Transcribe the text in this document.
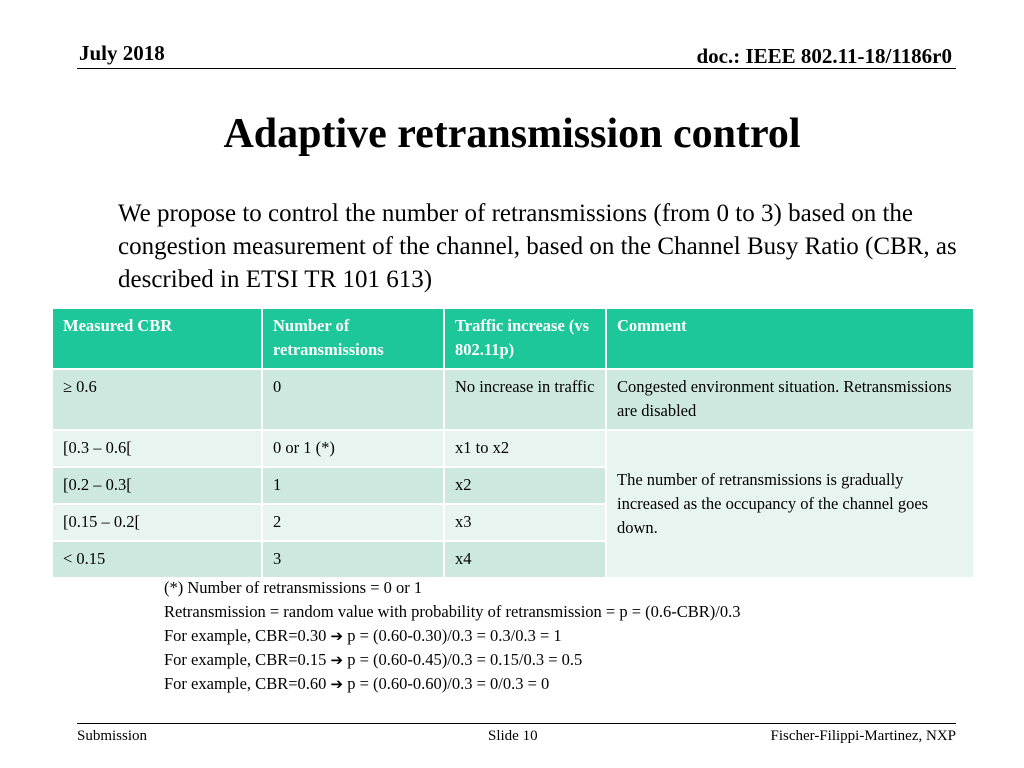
July 2018	doc.: IEEE 802.11-18/1186r0
Adaptive retransmission control
We propose to control the number of retransmissions (from 0 to 3) based on the congestion measurement of the channel, based on the Channel Busy Ratio (CBR, as described in ETSI TR 101 613)
Measured CBR	Number of retransmissions	Traffic increase (vs 802.11p)	Comment
≥ 0.6	0	No increase in traffic	Congested environment situation. Retransmissions are disabled
[0.3 – 0.6[	0 or 1 (*)	x1 to x2	The number of retransmissions is gradually increased as the occupancy of the channel goes down.
[0.2 – 0.3[	1	x2	
[0.15 – 0.2[	2	x3	
< 0.15	3	x4	
(*) Number of retransmissions = 0 or 1
Retransmission = random value with probability of retransmission = p = (0.6-CBR)/0.3
For example, CBR=0.30 ➔ p = (0.60-0.30)/0.3 = 0.3/0.3 = 1
For example, CBR=0.15 ➔ p = (0.60-0.45)/0.3 = 0.15/0.3 = 0.5
For example, CBR=0.60 ➔ p = (0.60-0.60)/0.3 = 0/0.3 = 0
Submission	Slide 10	Fischer-Filippi-Martinez, NXP
